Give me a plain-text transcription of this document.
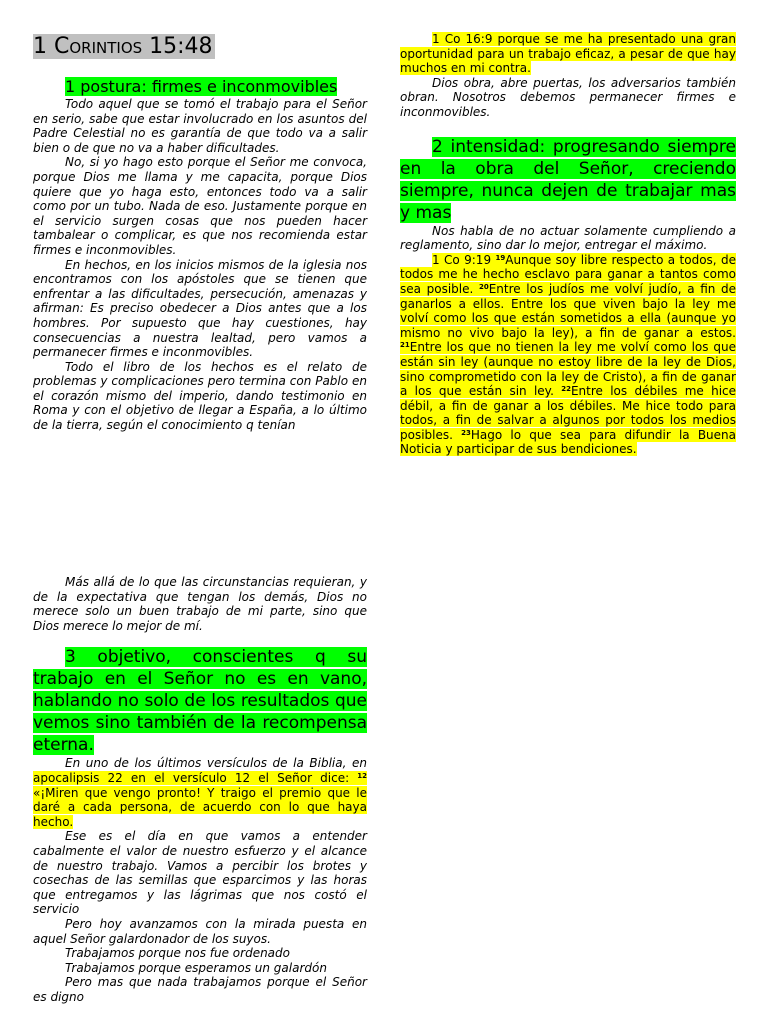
1 Corintios 15:48

1 postura: firmes e inconmovibles

Todo aquel que se tomó el trabajo para el Señor en serio, sabe que estar involucrado en los asuntos del Padre Celestial no es garantía de que todo va a salir bien o de que no va a haber dificultades.

No, si yo hago esto porque el Señor me convoca, porque Dios me llama y me capacita, porque Dios quiere que yo haga esto, entonces todo va a salir como por un tubo. Nada de eso. Justamente porque en el servicio surgen cosas que nos pueden hacer tambalear o complicar, es que nos recomienda estar firmes e inconmovibles.

En hechos, en los inicios mismos de la iglesia nos encontramos con los apóstoles que se tienen que enfrentar a las dificultades, persecución, amenazas y afirman: Es preciso obedecer a Dios antes que a los hombres. Por supuesto que hay cuestiones, hay consecuencias a nuestra lealtad, pero vamos a permanecer firmes e inconmovibles.

Todo el libro de los hechos es el relato de problemas y complicaciones pero termina con Pablo en el corazón mismo del imperio, dando testimonio en Roma y con el objetivo de llegar a España, a lo último de la tierra, según el conocimiento q tenían

1 Co 16:9 porque se me ha presentado una gran oportunidad para un trabajo eficaz, a pesar de que hay muchos en mi contra.

Dios obra, abre puertas, los adversarios también obran. Nosotros debemos permanecer firmes e inconmovibles.

2 intensidad: progresando siempre en la obra del Señor, creciendo siempre, nunca dejen de trabajar mas y mas

Nos habla de no actuar solamente cumpliendo a reglamento, sino dar lo mejor, entregar el máximo.

1 Co 9:19 $^{19}$Aunque soy libre respecto a todos, de todos me he hecho esclavo para ganar a tantos como sea posible. $^{20}$Entre los judíos me volví judío, a fin de ganarlos a ellos. Entre los que viven bajo la ley me volví como los que están sometidos a ella (aunque yo mismo no vivo bajo la ley), a fin de ganar a estos. $^{21}$Entre los que no tienen la ley me volví como los que están sin ley (aunque no estoy libre de la ley de Dios, sino comprometido con la ley de Cristo), a fin de ganar a los que están sin ley. $^{22}$Entre los débiles me hice débil, a fin de ganar a los débiles. Me hice todo para todos, a fin de salvar a algunos por todos los medios posibles. $^{23}$Hago lo que sea para difundir la Buena Noticia y participar de sus bendiciones.

Más allá de lo que las circunstancias requieran, y de la expectativa que tengan los demás, Dios no merece solo un buen trabajo de mi parte, sino que Dios merece lo mejor de mí.

3 objetivo, conscientes q su trabajo en el Señor no es en vano, hablando no solo de los resultados que vemos sino también de la recompensa eterna.

En uno de los últimos versículos de la Biblia, en apocalipsis 22 en el versículo 12 el Señor dice: $^{12}$ «¡Miren que vengo pronto! Y traigo el premio que le daré a cada persona, de acuerdo con lo que haya hecho.

Ese es el día en que vamos a entender cabalmente el valor de nuestro esfuerzo y el alcance de nuestro trabajo. Vamos a percibir los brotes y cosechas de las semillas que esparcimos y las horas que entregamos y las lágrimas que nos costó el servicio

Pero hoy avanzamos con la mirada puesta en aquel Señor galardonador de los suyos.

Trabajamos porque nos fue ordenado

Trabajamos porque esperamos un galardón

Pero mas que nada trabajamos porque el Señor es digno
